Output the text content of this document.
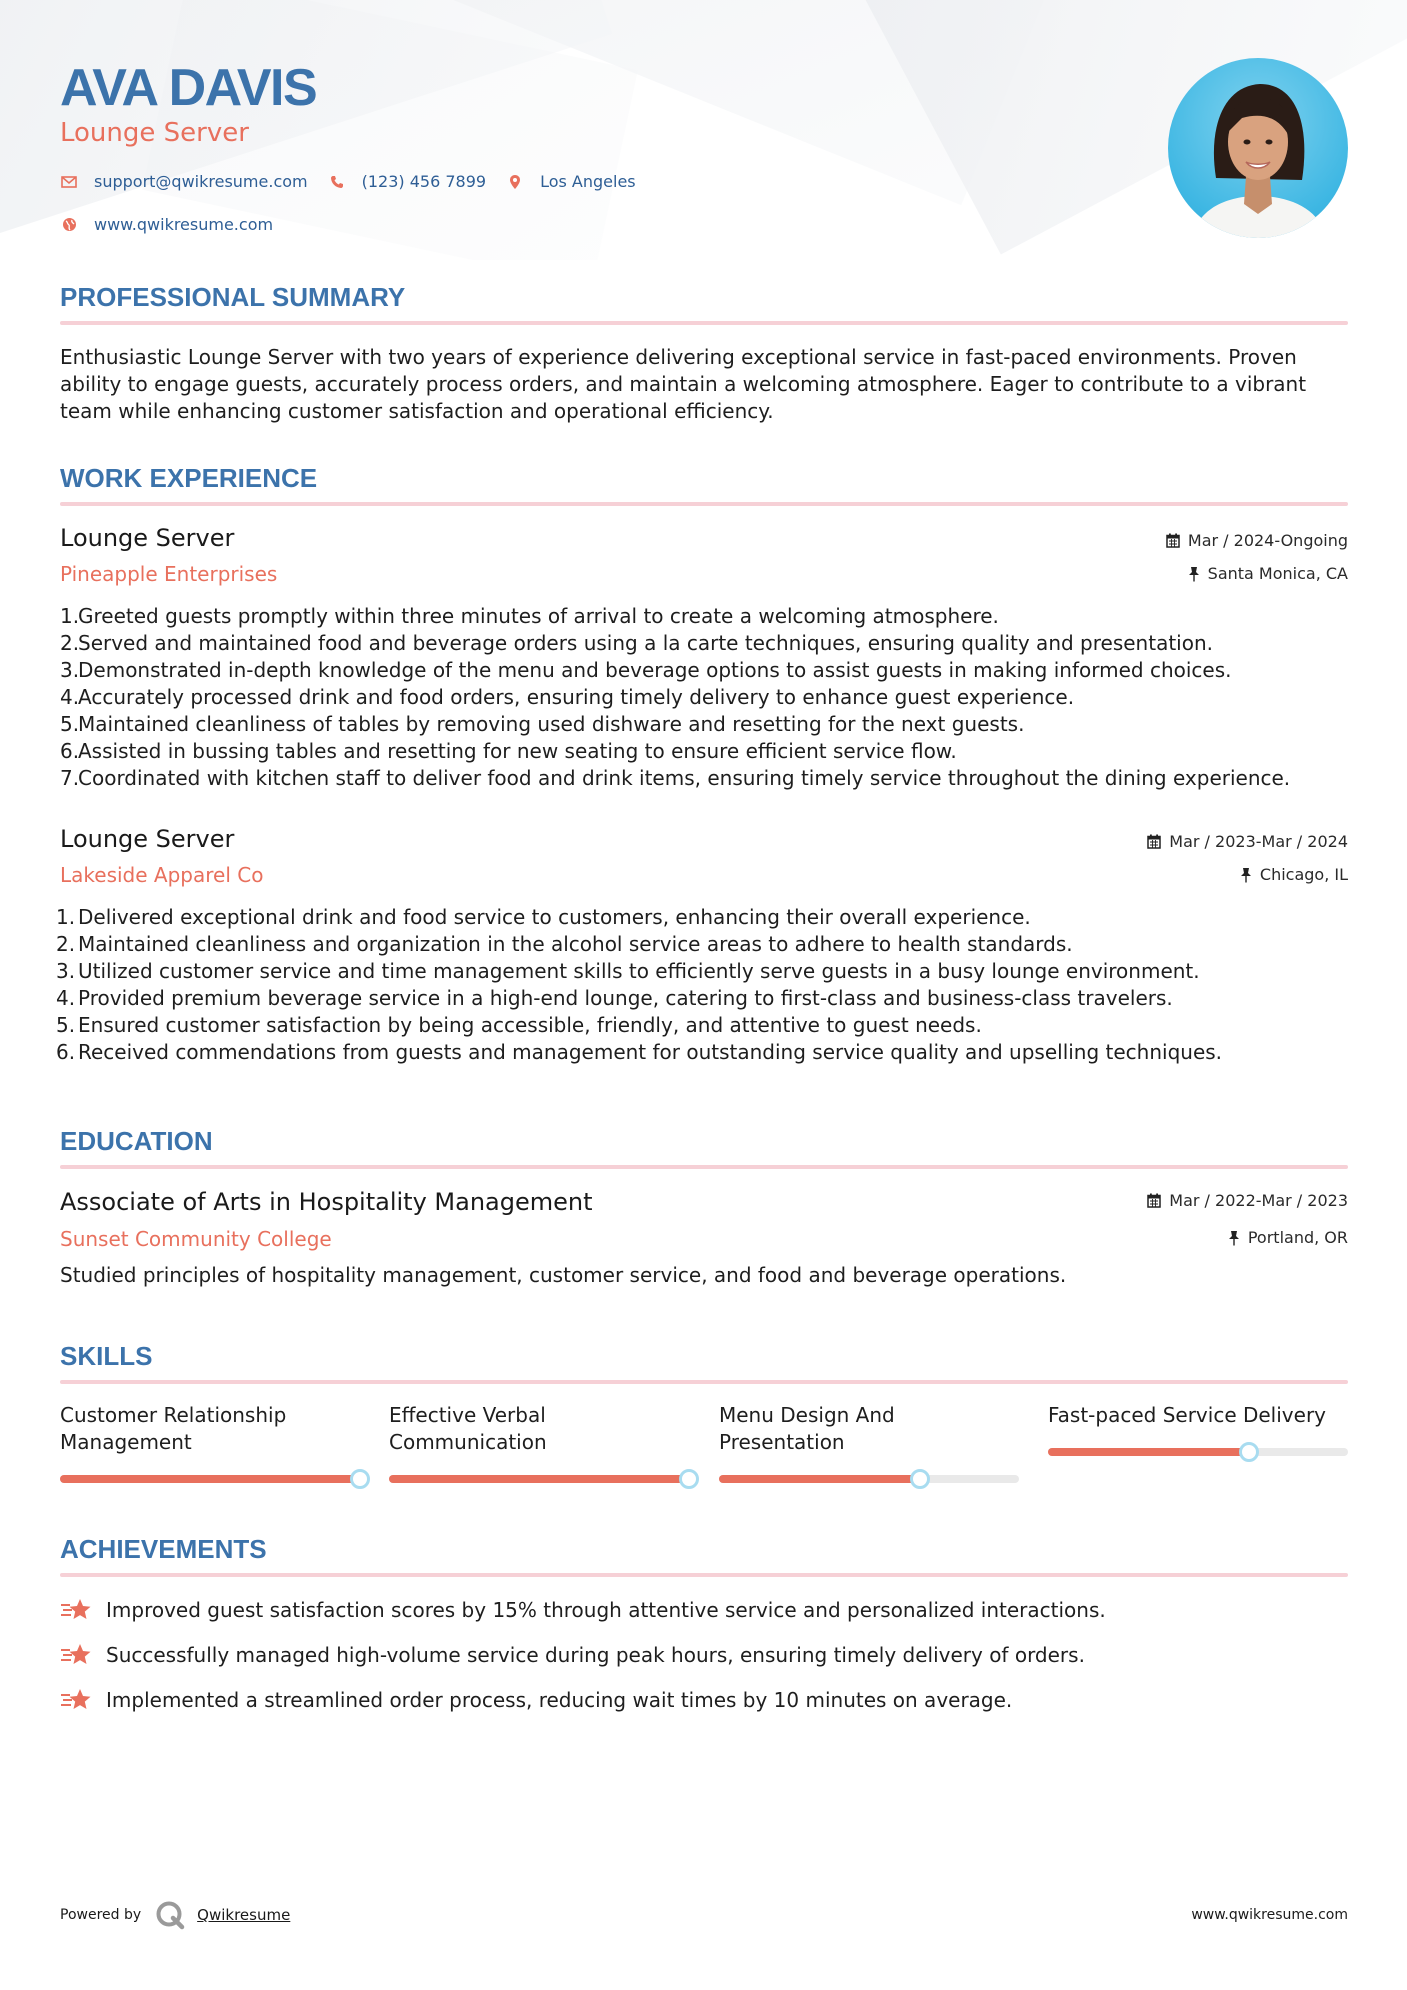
AVA DAVIS
Lounge Server
support@qwikresume.com	(123) 456 7899	Los Angeles
www.qwikresume.com
PROFESSIONAL SUMMARY
Enthusiastic Lounge Server with two years of experience delivering exceptional service in fast-paced environments. Proven ability to engage guests, accurately process orders, and maintain a welcoming atmosphere. Eager to contribute to a vibrant team while enhancing customer satisfaction and operational efficiency.
WORK EXPERIENCE
Lounge Server
Pineapple Enterprises
Mar / 2024-Ongoing
Santa Monica, CA
1.
Greeted guests promptly within three minutes of arrival to create a welcoming atmosphere.
2.
Served and maintained food and beverage orders using a la carte techniques, ensuring quality and presentation.
3.
Demonstrated in-depth knowledge of the menu and beverage options to assist guests in making informed choices.
4.
Accurately processed drink and food orders, ensuring timely delivery to enhance guest experience.
5.
Maintained cleanliness of tables by removing used dishware and resetting for the next guests.
6.
Assisted in bussing tables and resetting for new seating to ensure efficient service flow.
7.
Coordinated with kitchen staff to deliver food and drink items, ensuring timely service throughout the dining experience.
Lounge Server
Lakeside Apparel Co
Mar / 2023-Mar / 2024
Chicago, IL
1. Delivered exceptional drink and food service to customers, enhancing their overall experience.
2. Maintained cleanliness and organization in the alcohol service areas to adhere to health standards.
3. Utilized customer service and time management skills to efficiently serve guests in a busy lounge environment.
4. Provided premium beverage service in a high-end lounge, catering to first-class and business-class travelers.
5. Ensured customer satisfaction by being accessible, friendly, and attentive to guest needs.
6. Received commendations from guests and management for outstanding service quality and upselling techniques.
EDUCATION
Associate of Arts in Hospitality Management
Sunset Community College
Mar / 2022-Mar / 2023
Portland, OR
Studied principles of hospitality management, customer service, and food and beverage operations.
SKILLS
Customer Relationship Management
Effective Verbal Communication
Menu Design And Presentation
Fast-paced Service Delivery
ACHIEVEMENTS
Improved guest satisfaction scores by 15% through attentive service and personalized interactions.
Successfully managed high-volume service during peak hours, ensuring timely delivery of orders.
Implemented a streamlined order process, reducing wait times by 10 minutes on average.
Powered by	Qwikresume	www.qwikresume.com
